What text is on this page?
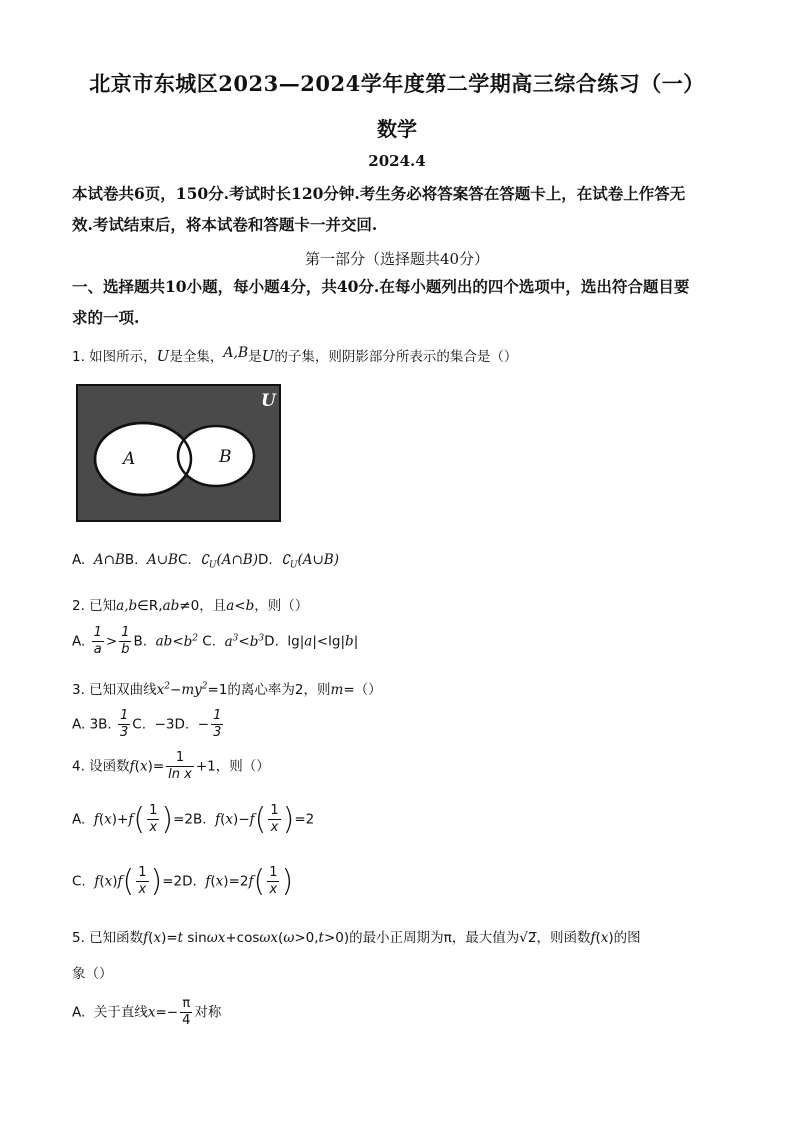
北京市东城区2023—2024学年度第二学期高三综合练习（一）
数学
2024.4
本试卷共6页，150分.考试时长120分钟.考生务必将答案答在答题卡上，在试卷上作答无
效.考试结束后，将本试卷和答题卡一并交回.
第一部分（选择题共40分）
一、选择题共10小题，每小题4分，共40分.在每小题列出的四个选项中，选出符合题目要
求的一项.
1. 如图所示，U是全集，A,B是U的子集，则阴影部分所表示的集合是（）
U
A	B
A.  A∩BB.  A∪BC.  $∁_U(A\cap B)D$.  $∁_U(A\cup B)$
2. 已知a,b∈R,ab≠0，且a<b，则（）
A. $\frac{1}{a} > \frac{1}{b} B$.  $ab<b^2$ C.  $a^3<b^3D$.  lg|a|<lg|b|
3. 已知双曲线$x^2-my^2=1$的离心率为2，则m=（）
A. 3B. $\frac{1}{3} C$.  −3D.  − $\frac{1}{3}$
4. 设函数$f(x)= \frac{1}{\text{ln x}} +1$，则（）
A.  $f(x)+f( \frac{1}{x} )=2B$.  $f(x)-f( \frac{1}{x} )=2$
C.  $f(x)f( \frac{1}{x} )=2D$.  $f(x)=2f( \frac{1}{x}$ )
5. 已知函数f(x)=t sinωx+cosωx(ω>0,t>0)的最小正周期为π，最大值为√2̅，则函数f(x)的图
象（）
A.  关于直线$x=- \frac{\pi}{4}$ 对称
